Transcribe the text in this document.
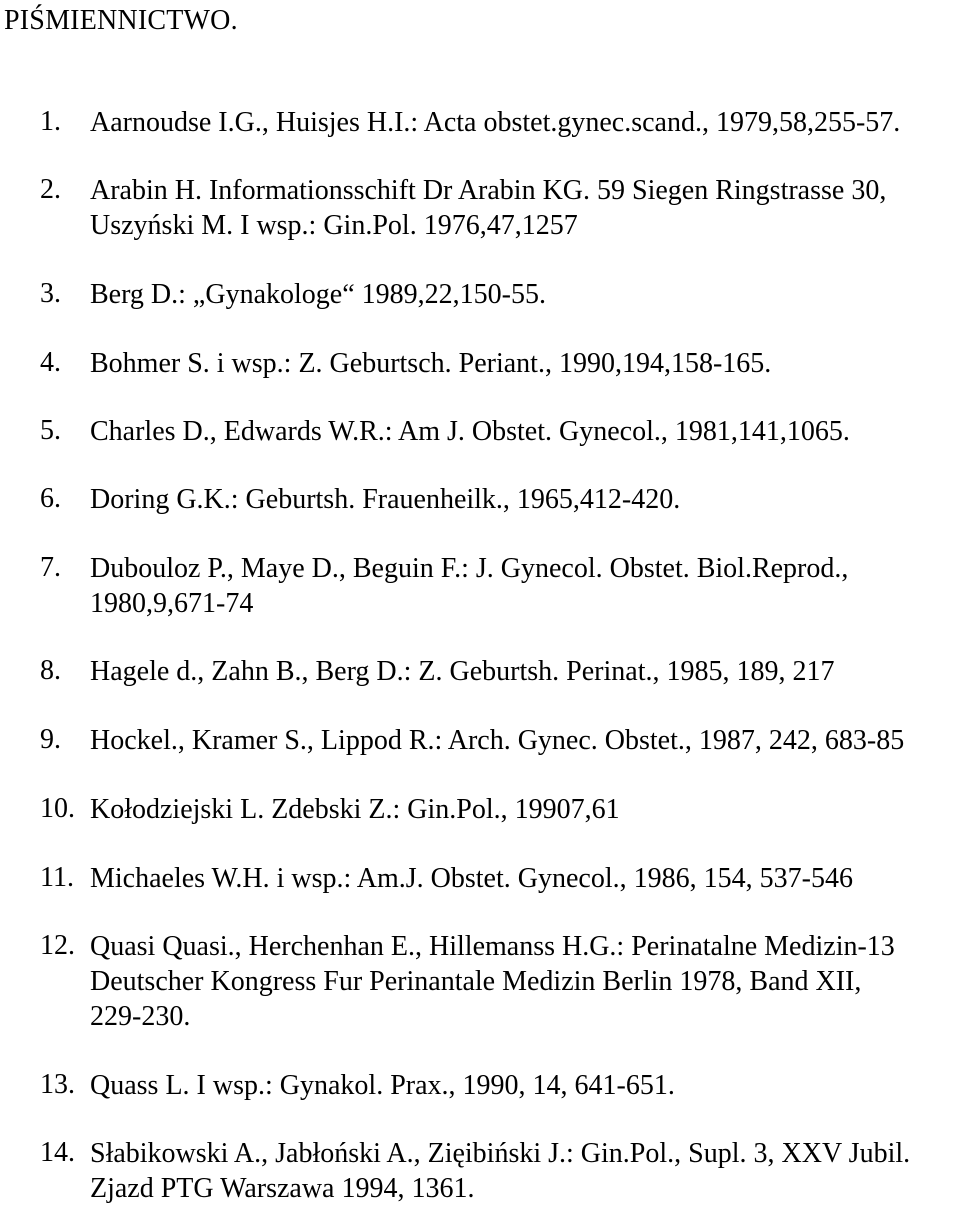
PIŚMIENNICTWO.
1. Aarnoudse I.G., Huisjes H.I.: Acta obstet.gynec.scand., 1979,58,255-57.
2. Arabin H. Informationsschift Dr Arabin KG. 59 Siegen Ringstrasse 30,
Uszyński M. I wsp.: Gin.Pol. 1976,47,1257
3. Berg D.: „Gynakologe“ 1989,22,150-55.
4. Bohmer S. i wsp.: Z. Geburtsch. Periant., 1990,194,158-165.
5. Charles D., Edwards W.R.: Am J. Obstet. Gynecol., 1981,141,1065.
6. Doring G.K.: Geburtsh. Frauenheilk., 1965,412-420.
7. Dubouloz P., Maye D., Beguin F.: J. Gynecol. Obstet. Biol.Reprod.,
1980,9,671-74
8. Hagele d., Zahn B., Berg D.: Z. Geburtsh. Perinat., 1985, 189, 217
9. Hockel., Kramer S., Lippod R.: Arch. Gynec. Obstet., 1987, 242, 683-85
10. Kołodziejski L. Zdebski Z.: Gin.Pol., 19907,61
11. Michaeles W.H. i wsp.: Am.J. Obstet. Gynecol., 1986, 154, 537-546
12. Quasi Quasi., Herchenhan E., Hillemanss H.G.: Perinatalne Medizin-13
Deutscher Kongress Fur Perinantale Medizin Berlin 1978, Band XII,
229-230.
13. Quass L. I wsp.: Gynakol. Prax., 1990, 14, 641-651.
14. Słabikowski A., Jabłoński A., Zięibiński J.: Gin.Pol., Supl. 3, XXV Jubil.
Zjazd PTG Warszawa 1994, 1361.
